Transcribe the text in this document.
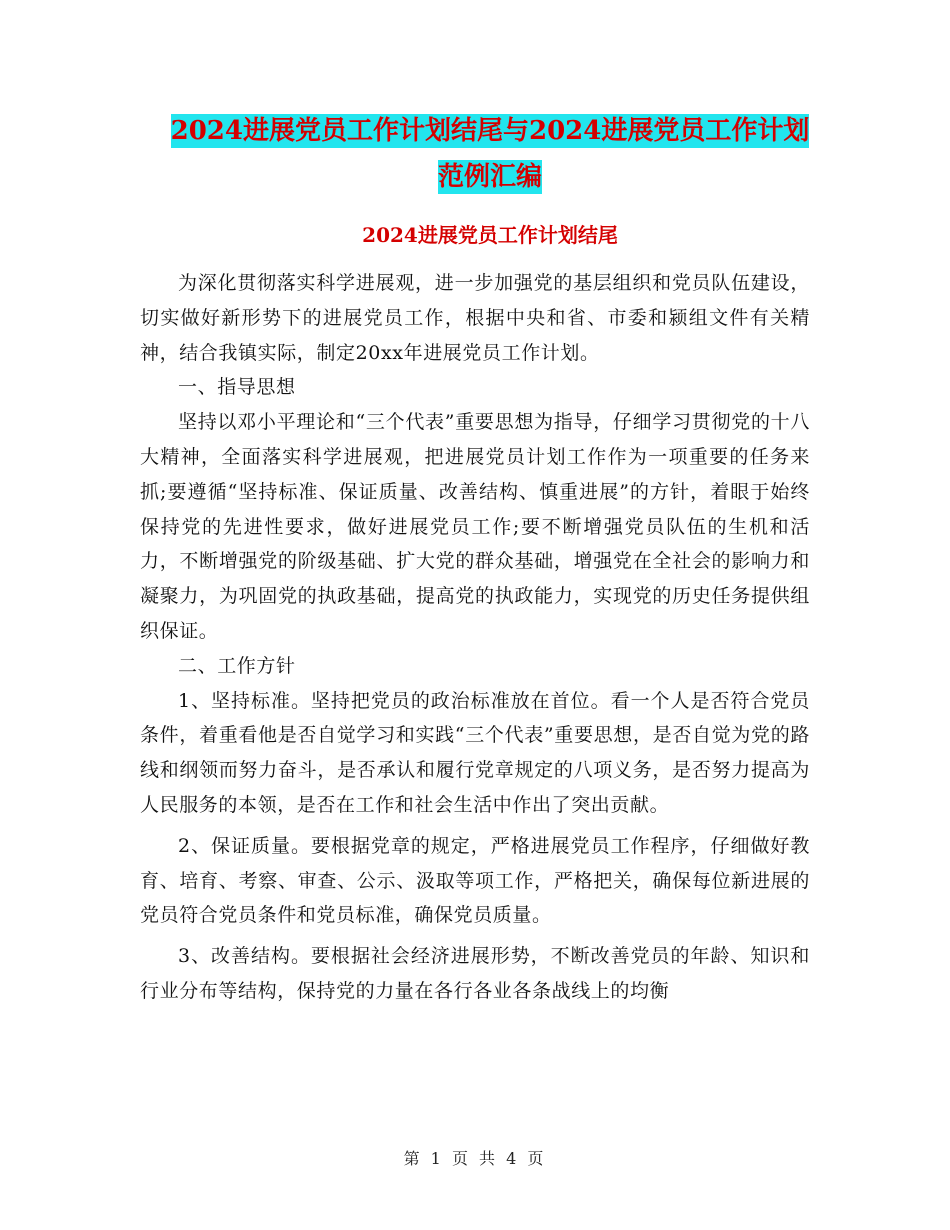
2024进展党员工作计划结尾与2024进展党员工作计划
范例汇编
2024进展党员工作计划结尾

为深化贯彻落实科学进展观，进一步加强党的基层组织和党员队伍建设，切实做好新形势下的进展党员工作，根据中央和省、市委和颍组文件有关精神，结合我镇实际，制定20xx年进展党员工作计划。

一、指导思想

坚持以邓小平理论和“三个代表”重要思想为指导，仔细学习贯彻党的十八大精神，全面落实科学进展观，把进展党员计划工作作为一项重要的任务来抓;要遵循“坚持标准、保证质量、改善结构、慎重进展”的方针，着眼于始终保持党的先进性要求，做好进展党员工作;要不断增强党员队伍的生机和活力，不断增强党的阶级基础、扩大党的群众基础，增强党在全社会的影响力和凝聚力，为巩固党的执政基础，提高党的执政能力，实现党的历史任务提供组织保证。

二、工作方针

1、坚持标准。坚持把党员的政治标准放在首位。看一个人是否符合党员条件，着重看他是否自觉学习和实践“三个代表”重要思想，是否自觉为党的路线和纲领而努力奋斗，是否承认和履行党章规定的八项义务，是否努力提高为人民服务的本领，是否在工作和社会生活中作出了突出贡献。

2、保证质量。要根据党章的规定，严格进展党员工作程序，仔细做好教育、培育、考察、审查、公示、汲取等项工作，严格把关，确保每位新进展的党员符合党员条件和党员标准，确保党员质量。

3、改善结构。要根据社会经济进展形势，不断改善党员的年龄、知识和行业分布等结构，保持党的力量在各行各业各条战线上的均衡

第 1 页 共 4 页
